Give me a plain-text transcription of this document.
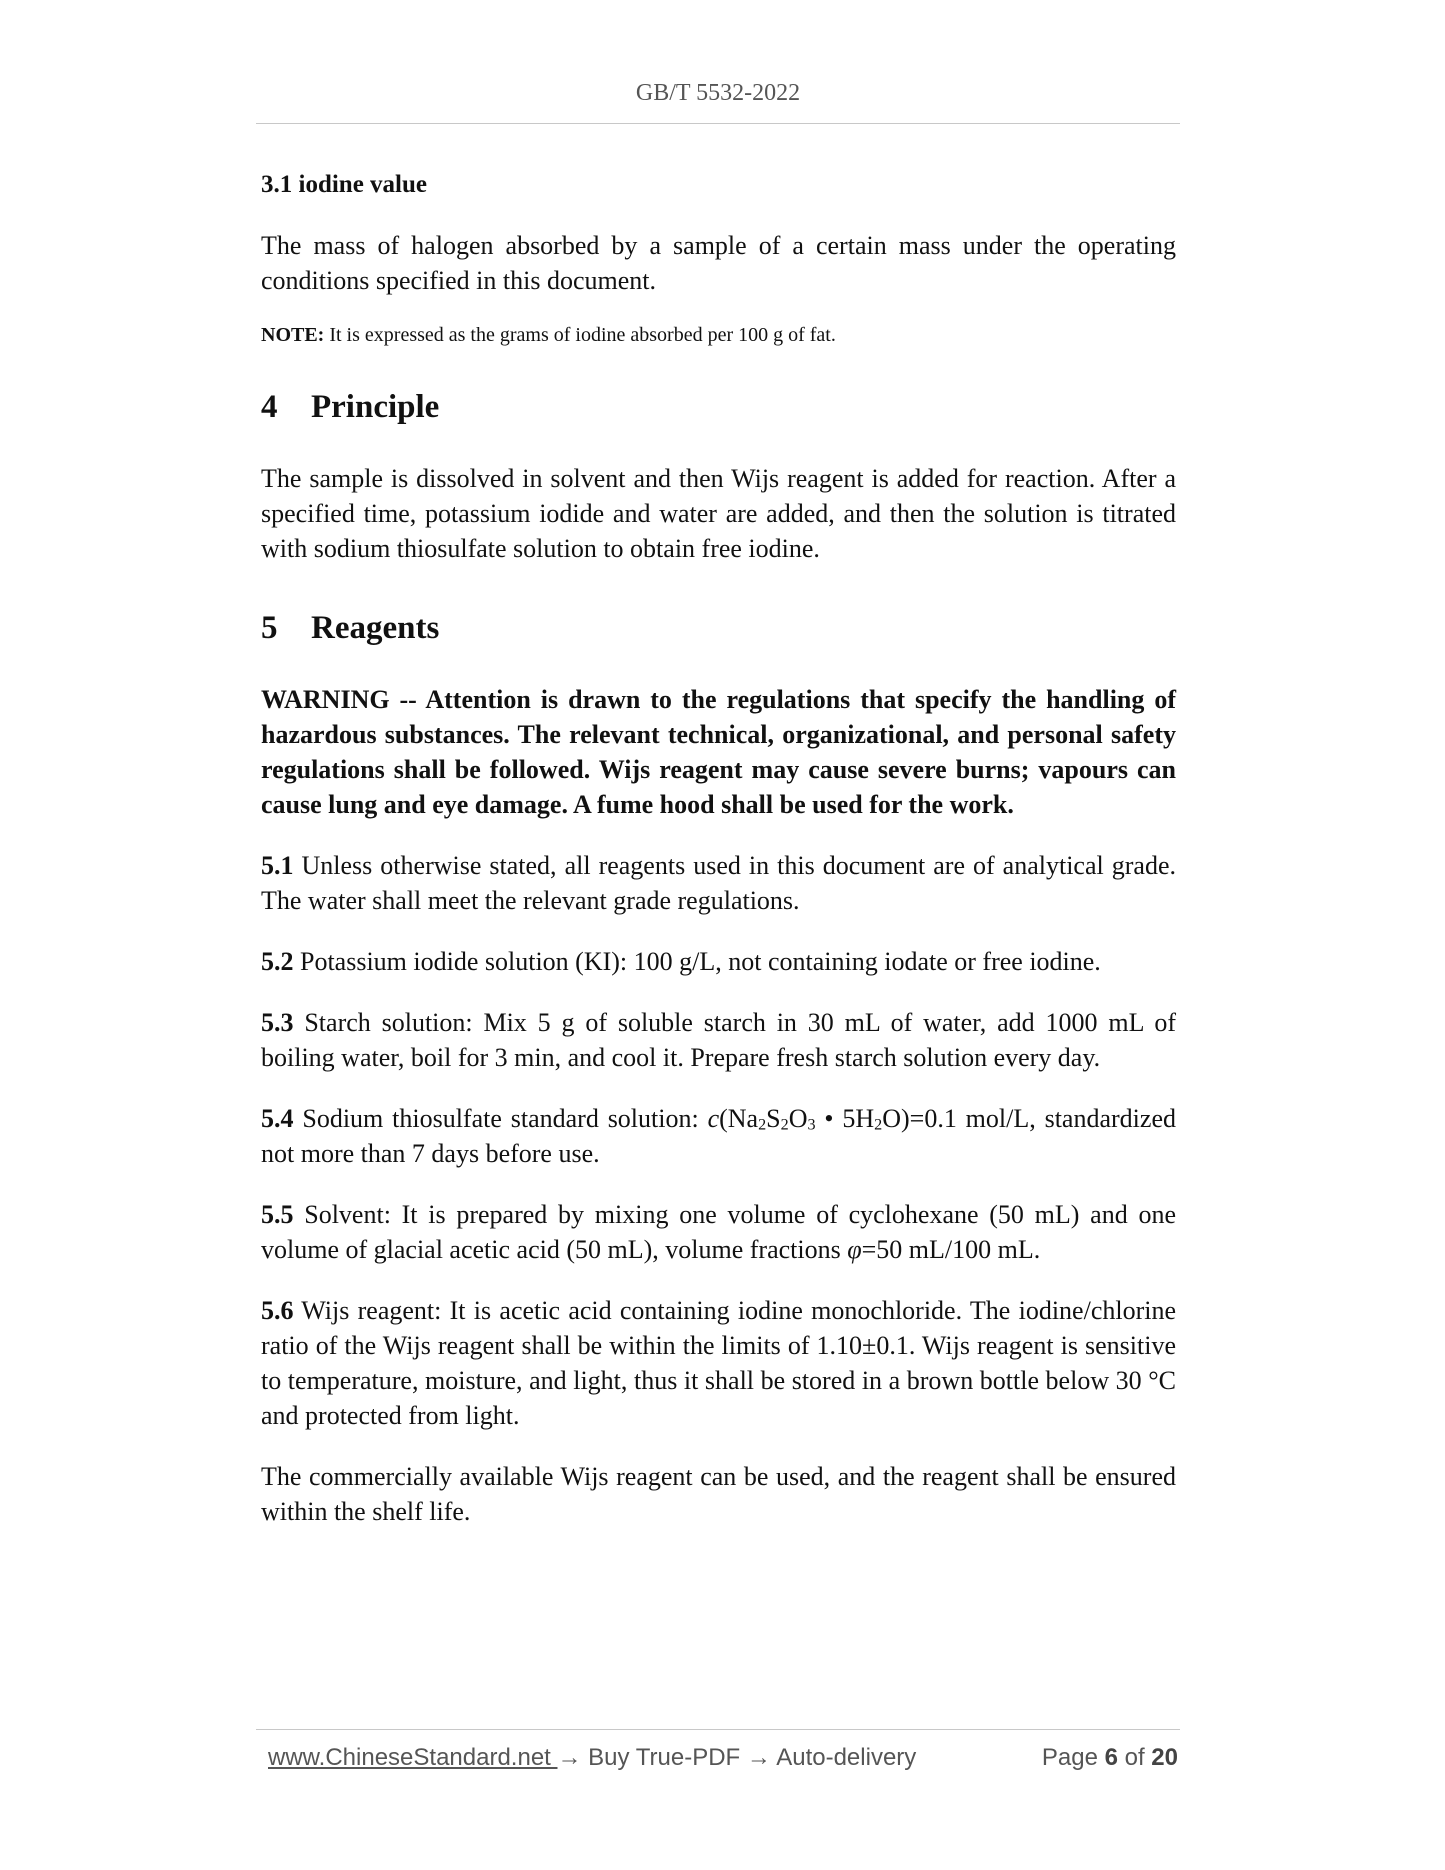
GB/T 5532-2022

3.1 iodine value

The mass of halogen absorbed by a sample of a certain mass under the operating conditions specified in this document.

NOTE: It is expressed as the grams of iodine absorbed per 100 g of fat.

4	Principle

The sample is dissolved in solvent and then Wijs reagent is added for reaction. After a specified time, potassium iodide and water are added, and then the solution is titrated with sodium thiosulfate solution to obtain free iodine.

5	Reagents

WARNING -- Attention is drawn to the regulations that specify the handling of hazardous substances. The relevant technical, organizational, and personal safety regulations shall be followed. Wijs reagent may cause severe burns; vapours can cause lung and eye damage. A fume hood shall be used for the work.

5.1 Unless otherwise stated, all reagents used in this document are of analytical grade. The water shall meet the relevant grade regulations.

5.2 Potassium iodide solution (KI): 100 g/L, not containing iodate or free iodine.

5.3 Starch solution: Mix 5 g of soluble starch in 30 mL of water, add 1000 mL of boiling water, boil for 3 min, and cool it. Prepare fresh starch solution every day.

5.4 Sodium thiosulfate standard solution: $c(Na_2S_2O_3$ • $5H_2O)=0.1$ mol/L, standardized not more than 7 days before use.

5.5 Solvent: It is prepared by mixing one volume of cyclohexane (50 mL) and one volume of glacial acetic acid (50 mL), volume fractions φ=50 mL/100 mL.

5.6 Wijs reagent: It is acetic acid containing iodine monochloride. The iodine/chlorine ratio of the Wijs reagent shall be within the limits of 1.10±0.1. Wijs reagent is sensitive to temperature, moisture, and light, thus it shall be stored in a brown bottle below 30 °C and protected from light.

The commercially available Wijs reagent can be used, and the reagent shall be ensured within the shelf life.

www.ChineseStandard.net → Buy True-PDF → Auto-delivery	Page 6 of 20
